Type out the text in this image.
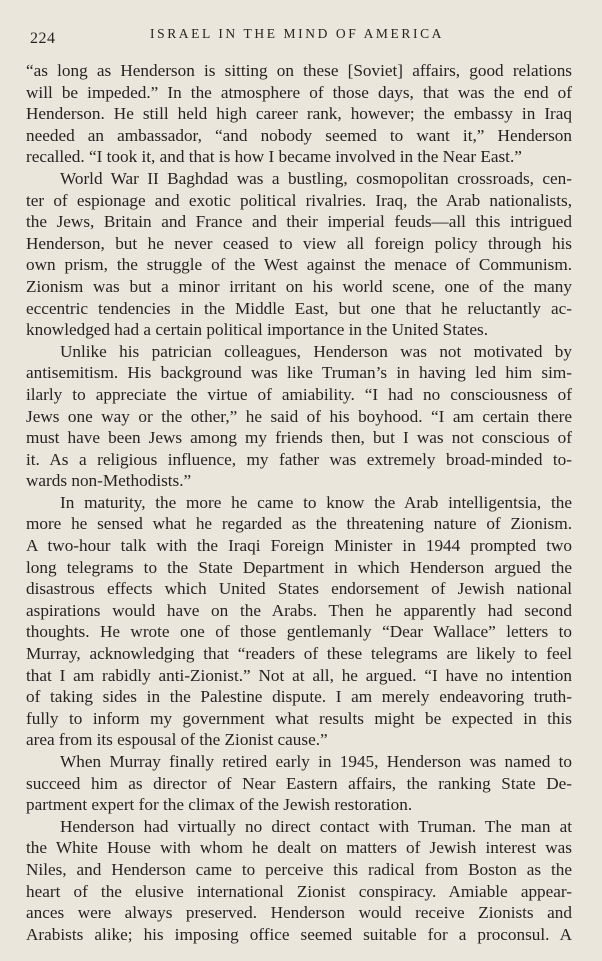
224	ISRAEL IN THE MIND OF AMERICA
“as long as Henderson is sitting on these [Soviet] affairs, good relations
will be impeded.” In the atmosphere of those days, that was the end of
Henderson. He still held high career rank, however; the embassy in Iraq
needed an ambassador, “and nobody seemed to want it,” Henderson
recalled. “I took it, and that is how I became involved in the Near East.”
World War II Baghdad was a bustling, cosmopolitan crossroads, cen-
ter of espionage and exotic political rivalries. Iraq, the Arab nationalists,
the Jews, Britain and France and their imperial feuds—all this intrigued
Henderson, but he never ceased to view all foreign policy through his
own prism, the struggle of the West against the menace of Communism.
Zionism was but a minor irritant on his world scene, one of the many
eccentric tendencies in the Middle East, but one that he reluctantly ac-
knowledged had a certain political importance in the United States.
Unlike his patrician colleagues, Henderson was not motivated by
antisemitism. His background was like Truman’s in having led him sim-
ilarly to appreciate the virtue of amiability. “I had no consciousness of
Jews one way or the other,” he said of his boyhood. “I am certain there
must have been Jews among my friends then, but I was not conscious of
it. As a religious influence, my father was extremely broad-minded to-
wards non-Methodists.”
In maturity, the more he came to know the Arab intelligentsia, the
more he sensed what he regarded as the threatening nature of Zionism.
A two-hour talk with the Iraqi Foreign Minister in 1944 prompted two
long telegrams to the State Department in which Henderson argued the
disastrous effects which United States endorsement of Jewish national
aspirations would have on the Arabs. Then he apparently had second
thoughts. He wrote one of those gentlemanly “Dear Wallace” letters to
Murray, acknowledging that “readers of these telegrams are likely to feel
that I am rabidly anti-Zionist.” Not at all, he argued. “I have no intention
of taking sides in the Palestine dispute. I am merely endeavoring truth-
fully to inform my government what results might be expected in this
area from its espousal of the Zionist cause.”
When Murray finally retired early in 1945, Henderson was named to
succeed him as director of Near Eastern affairs, the ranking State De-
partment expert for the climax of the Jewish restoration.
Henderson had virtually no direct contact with Truman. The man at
the White House with whom he dealt on matters of Jewish interest was
Niles, and Henderson came to perceive this radical from Boston as the
heart of the elusive international Zionist conspiracy. Amiable appear-
ances were always preserved. Henderson would receive Zionists and
Arabists alike; his imposing office seemed suitable for a proconsul. A
